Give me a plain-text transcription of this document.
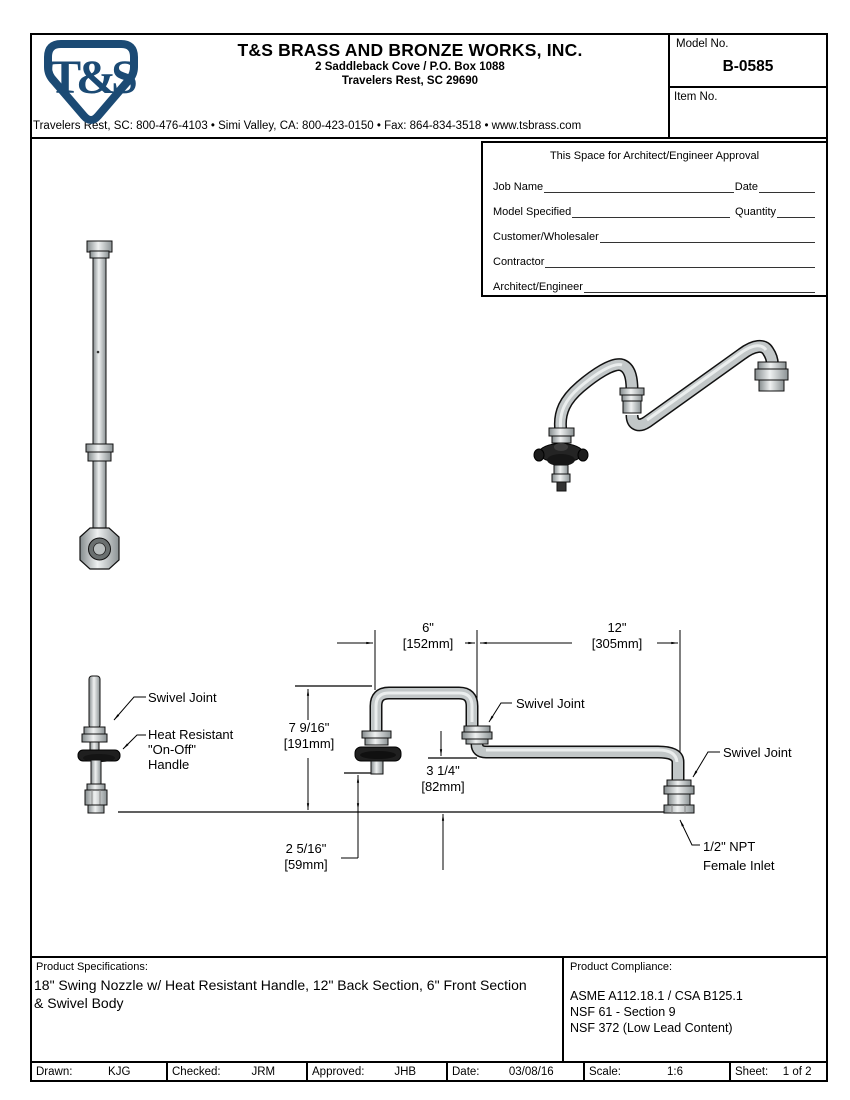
T&S
T&S BRASS AND BRONZE WORKS, INC.
2 Saddleback Cove / P.O. Box 1088
Travelers Rest, SC 29690
Travelers Rest, SC: 800-476-4103 • Simi Valley, CA: 800-423-0150 • Fax: 864-834-3518 • www.tsbrass.com
Model No.
B-0585
Item No.
This Space for Architect/Engineer Approval
Job Name	Date
Model Specified	Quantity
Customer/Wholesaler
Contractor
Architect/Engineer
6"
[152mm]
12"
[305mm]
7 9/16"
[191mm]
3 1/4"
[82mm]
2 5/16"
[59mm]
Swivel Joint
Swivel Joint
Swivel Joint
Heat Resistant
"On-Off"
Handle
1/2" NPT
Female Inlet
Product Specifications:
18" Swing Nozzle w/ Heat Resistant Handle, 12" Back Section, 6" Front Section & Swivel Body
Product Compliance:
ASME A112.18.1 / CSA B125.1
NSF 61 - Section 9
NSF 372 (Low Lead Content)
Drawn:	KJG	Checked:	JRM	Approved:	JHB	Date:	03/08/16	Scale:	1:6	Sheet:	1 of 2
